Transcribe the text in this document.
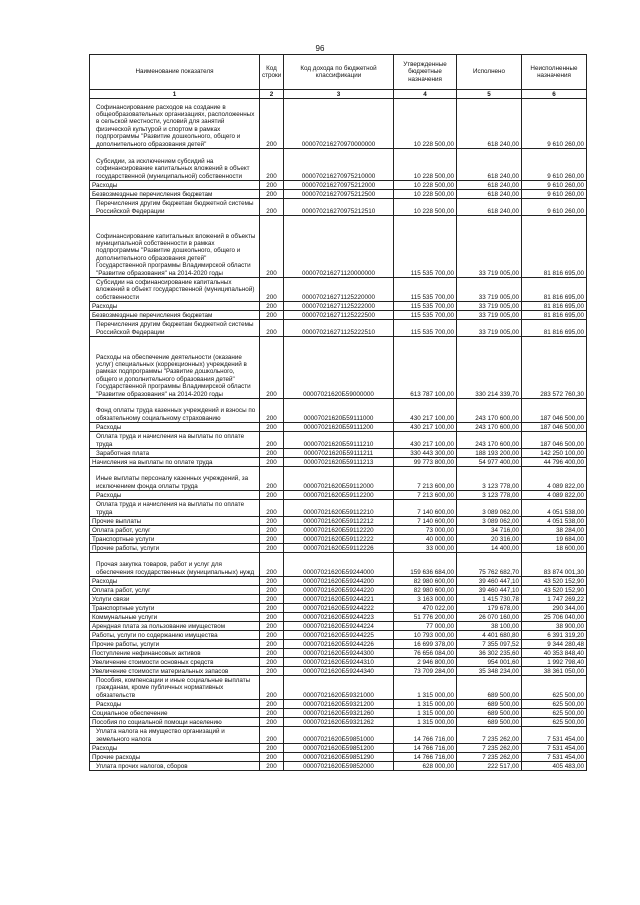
96
Наименование показателя	Код строки	Код дохода по бюджетной классификации	Утвержденные бюджетные назначения	Исполнено	Неисполненные назначения
1	2	3	4	5	6
Софинансирование расходов на создание в общеобразовательных организациях, расположенных в сельской местности, условий для занятий физической культурой и спортом в рамках подпрограммы "Развитие дошкольного, общего и дополнительного образования детей"	200	000070216270970000000	10 228 500,00	618 240,00	9 610 260,00
Субсидии, за исключением субсидий на софинансирование капитальных вложений в объект государственной (муниципальной) собственности	200	000070216270975210000	10 228 500,00	618 240,00	9 610 260,00
Расходы	200	000070216270975212000	10 228 500,00	618 240,00	9 610 260,00
Безвозмездные перечисления бюджетам	200	000070216270975212500	10 228 500,00	618 240,00	9 610 260,00
Перечисления другим бюджетам бюджетной системы Российской Федерации	200	000070216270975212510	10 228 500,00	618 240,00	9 610 260,00
Софинансирование капитальных вложений в объекты муниципальной собственности в рамках подпрограммы "Развитие дошкольного, общего и дополнительного образования детей" Государственной программы Владимирской области "Развитие образования" на 2014-2020 годы	200	000070216271120000000	115 535 700,00	33 719 005,00	81 816 695,00
Субсидии на софинансирование капитальных вложений в объект государственной (муниципальной) собственности	200	000070216271125220000	115 535 700,00	33 719 005,00	81 816 695,00
Расходы	200	000070216271125222000	115 535 700,00	33 719 005,00	81 816 695,00
Безвозмездные перечисления бюджетам	200	000070216271125222500	115 535 700,00	33 719 005,00	81 816 695,00
Перечисления другим бюджетам бюджетной системы Российской Федерации	200	000070216271125222510	115 535 700,00	33 719 005,00	81 816 695,00
Расходы на обеспечение деятельности (оказание услуг) специальных (коррекционных) учреждений в рамках подпрограммы "Развитие дошкольного, общего и дополнительного образования детей" Государственной программы Владимирской области "Развитие образования" на 2014-2020 годы	200	00007021620Б59000000	613 787 100,00	330 214 339,70	283 572 760,30
Фонд оплаты труда казенных учреждений и взносы по обязательному социальному страхованию	200	00007021620Б59111000	430 217 100,00	243 170 600,00	187 046 500,00
Расходы	200	00007021620Б59111200	430 217 100,00	243 170 600,00	187 046 500,00
Оплата труда и начисления на выплаты по оплате труда	200	00007021620Б59111210	430 217 100,00	243 170 600,00	187 046 500,00
Заработная плата	200	00007021620Б59111211	330 443 300,00	188 193 200,00	142 250 100,00
Начисления на выплаты по оплате труда	200	00007021620Б59111213	99 773 800,00	54 977 400,00	44 796 400,00
Иные выплаты персоналу казенных учреждений, за исключением фонда оплаты труда	200	00007021620Б59112000	7 213 600,00	3 123 778,00	4 089 822,00
Расходы	200	00007021620Б59112200	7 213 600,00	3 123 778,00	4 089 822,00
Оплата труда и начисления на выплаты по оплате труда	200	00007021620Б59112210	7 140 600,00	3 089 062,00	4 051 538,00
Прочие выплаты	200	00007021620Б59112212	7 140 600,00	3 089 062,00	4 051 538,00
Оплата работ, услуг	200	00007021620Б59112220	73 000,00	34 716,00	38 284,00
Транспортные услуги	200	00007021620Б59112222	40 000,00	20 316,00	19 684,00
Прочие работы, услуги	200	00007021620Б59112226	33 000,00	14 400,00	18 600,00
Прочая закупка товаров, работ и услуг для обеспечения государственных (муниципальных) нужд	200	00007021620Б59244000	159 636 684,00	75 762 682,70	83 874 001,30
Расходы	200	00007021620Б59244200	82 980 600,00	39 460 447,10	43 520 152,90
Оплата работ, услуг	200	00007021620Б59244220	82 980 600,00	39 460 447,10	43 520 152,90
Услуги связи	200	00007021620Б59244221	3 163 000,00	1 415 730,78	1 747 269,22
Транспортные услуги	200	00007021620Б59244222	470 022,00	179 678,00	290 344,00
Коммунальные услуги	200	00007021620Б59244223	51 776 200,00	26 070 160,00	25 706 040,00
Арендная плата за пользование имуществом	200	00007021620Б59244224	77 000,00	38 100,00	38 900,00
Работы, услуги по содержанию имущества	200	00007021620Б59244225	10 793 000,00	4 401 680,80	6 391 319,20
Прочие работы, услуги	200	00007021620Б59244226	16 699 378,00	7 355 097,52	9 344 280,48
Поступление нефинансовых активов	200	00007021620Б59244300	76 656 084,00	36 302 235,60	40 353 848,40
Увеличение стоимости основных средств	200	00007021620Б59244310	2 946 800,00	954 001,60	1 992 798,40
Увеличение стоимости материальных запасов	200	00007021620Б59244340	73 709 284,00	35 348 234,00	38 361 050,00
Пособия, компенсации и иные социальные выплаты гражданам, кроме публичных нормативных обязательств	200	00007021620Б59321000	1 315 000,00	689 500,00	625 500,00
Расходы	200	00007021620Б59321200	1 315 000,00	689 500,00	625 500,00
Социальное обеспечение	200	00007021620Б59321260	1 315 000,00	689 500,00	625 500,00
Пособия по социальной помощи населению	200	00007021620Б59321262	1 315 000,00	689 500,00	625 500,00
Уплата налога на имущество организаций и земельного налога	200	00007021620Б59851000	14 766 716,00	7 235 262,00	7 531 454,00
Расходы	200	00007021620Б59851200	14 766 716,00	7 235 262,00	7 531 454,00
Прочие расходы	200	00007021620Б59851290	14 766 716,00	7 235 262,00	7 531 454,00
Уплата прочих налогов, сборов	200	00007021620Б59852000	628 000,00	222 517,00	405 483,00
